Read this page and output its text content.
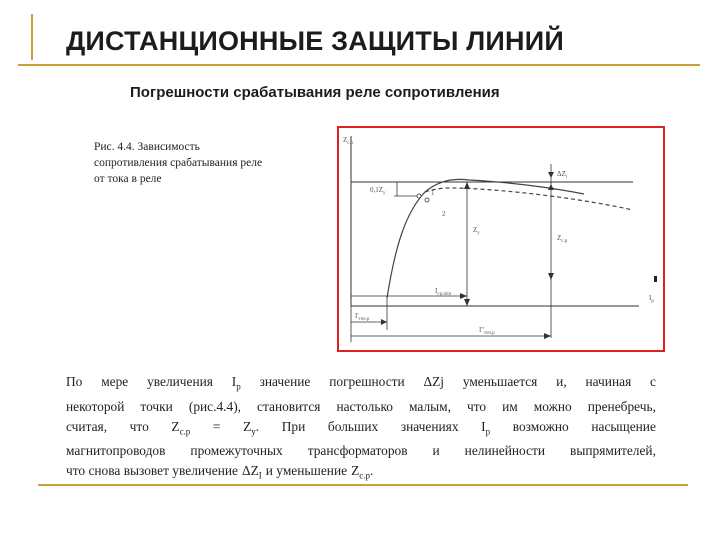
ДИСТАНЦИОННЫЕ ЗАЩИТЫ ЛИНИЙ
Погрешности срабатывания реле сопротивления
Рис. 4.4. Зависимость
сопротивления срабатывания реле
от тока в реле
$Z_{c.p}$
$\Delta Z_i$
$0,1Z_y$	1
2
$Z_y$
$Z_{c.p}$
$I_{cp.min}$
$I'_{точ.р}$
$I''_{точ.р}$
$I_p$
По мере увеличения $I_p$ значение погрешности ΔZj уменьшается и, начиная с
некоторой точки (рис.4.4), становится настолько малым, что им можно пренебречь,
считая, что $Z_{c.p} = Z_y$. При больших значениях $I_p$ возможно насыщение
магнитопроводов промежуточных трансформаторов и нелинейности выпрямителей,
что снова вызовет увеличение $\Delta Z_I$ и уменьшение $Z_{c.p}$.
